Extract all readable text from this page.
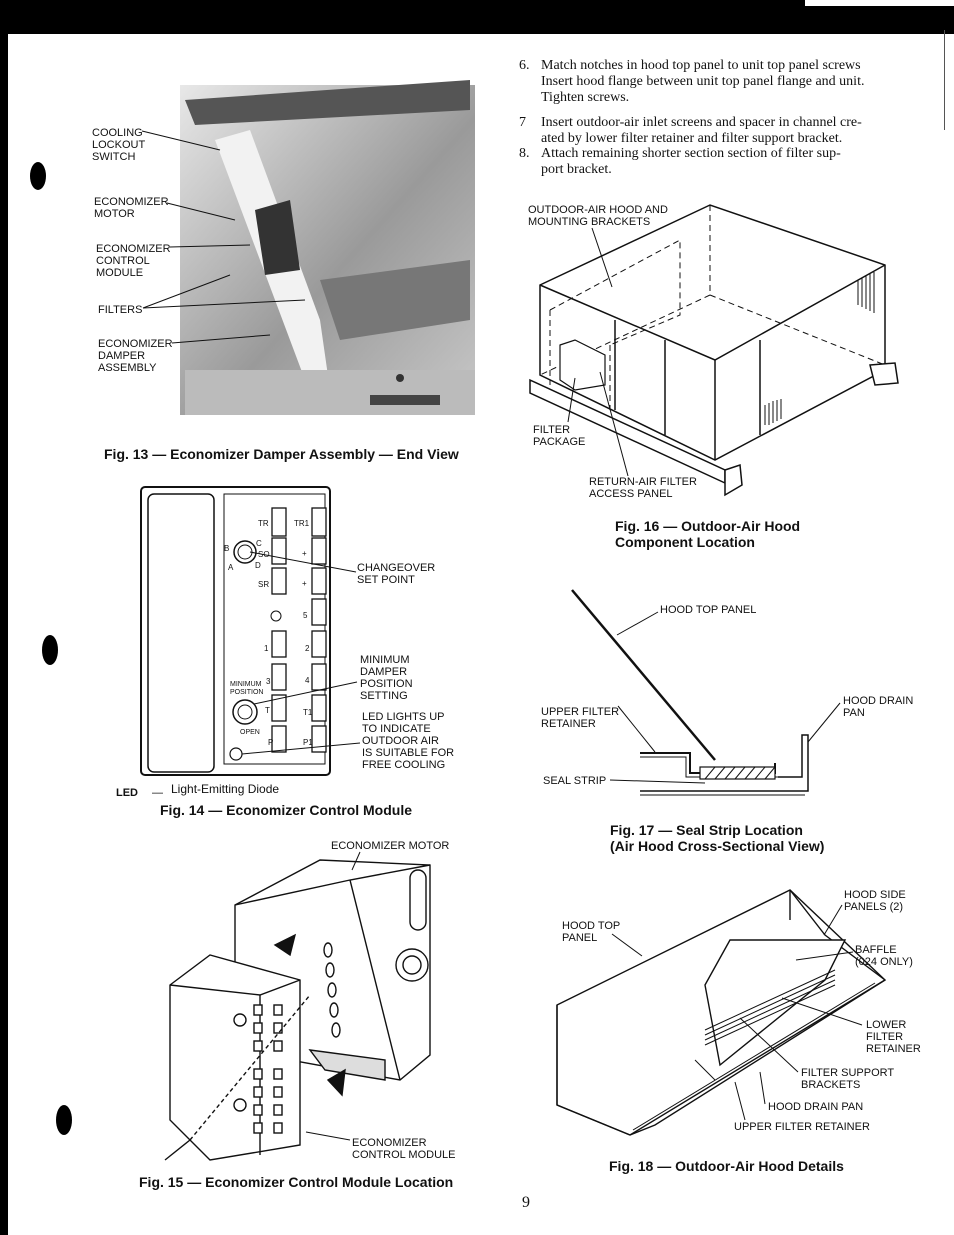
COOLING
LOCKOUT
SWITCH
ECONOMIZER
MOTOR
ECONOMIZER
CONTROL
MODULE
FILTERS
ECONOMIZER
DAMPER
ASSEMBLY
Fig. 13 — Economizer Damper Assembly — End View
TR	TR1
+
+
5
1	2
3	4
T	T1
P	P1
B
C
A	D
SO
SR
MINIMUM
POSITION
OPEN
CHANGEOVER
SET POINT
MINIMUM
DAMPER
POSITION
SETTING
LED LIGHTS UP
TO INDICATE
OUTDOOR AIR
IS SUITABLE FOR
FREE COOLING
LED — Light-Emitting Diode
Fig. 14 — Economizer Control Module
ECONOMIZER MOTOR
ECONOMIZER
CONTROL MODULE
Fig. 15 — Economizer Control Module Location
6. Match notches in hood top panel to unit top panel screws
Insert hood flange between unit top panel flange and unit.
Tighten screws.
7 Insert outdoor-air inlet screens and spacer in channel cre-
ated by lower filter retainer and filter support bracket.
8. Attach remaining shorter section section of filter sup-
port bracket.
OUTDOOR-AIR HOOD AND
MOUNTING BRACKETS
FILTER
PACKAGE
RETURN-AIR FILTER
ACCESS PANEL
Fig. 16 — Outdoor-Air Hood
Component Location
HOOD TOP PANEL
UPPER FILTER
RETAINER
HOOD DRAIN
PAN
SEAL STRIP
Fig. 17 — Seal Strip Location
(Air Hood Cross-Sectional View)
HOOD TOP
PANEL
HOOD SIDE
PANELS (2)
BAFFLE
(024 ONLY)
LOWER
FILTER
RETAINER
FILTER SUPPORT
BRACKETS
HOOD DRAIN PAN
UPPER FILTER RETAINER
Fig. 18 — Outdoor-Air Hood Details
9
